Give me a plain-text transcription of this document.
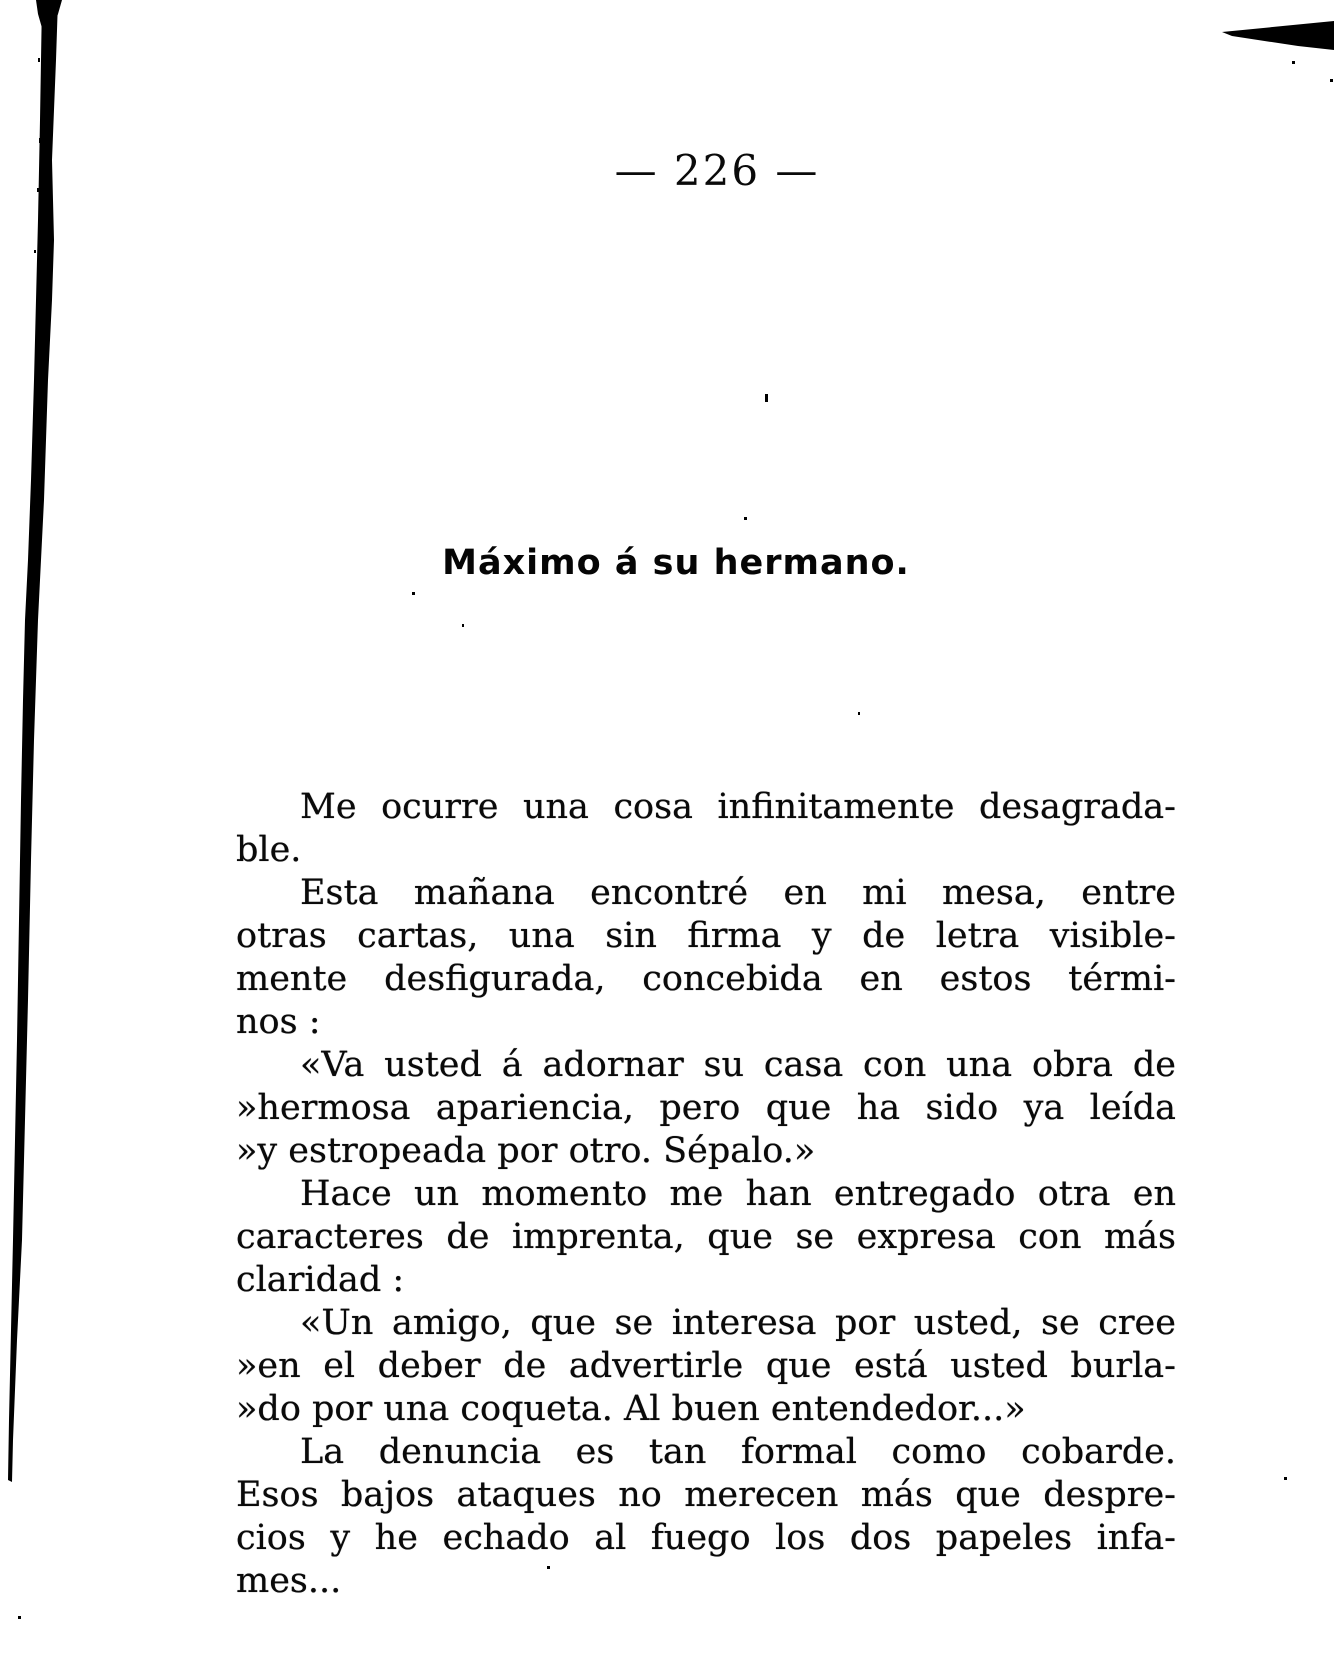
— 226 —
Máximo á su hermano.
Me ocurre una cosa infinitamente desagrada-
ble.
Esta mañana encontré en mi mesa, entre
otras cartas, una sin firma y de letra visible-
mente desfigurada, concebida en estos térmi-
nos :
«Va usted á adornar su casa con una obra de
»hermosa apariencia, pero que ha sido ya leída
»y estropeada por otro. Sépalo.»
Hace un momento me han entregado otra en
caracteres de imprenta, que se expresa con más
claridad :
«Un amigo, que se interesa por usted, se cree
»en el deber de advertirle que está usted burla-
»do por una coqueta. Al buen entendedor...»
La denuncia es tan formal como cobarde.
Esos bajos ataques no merecen más que despre-
cios y he echado al fuego los dos papeles infa-
mes...
